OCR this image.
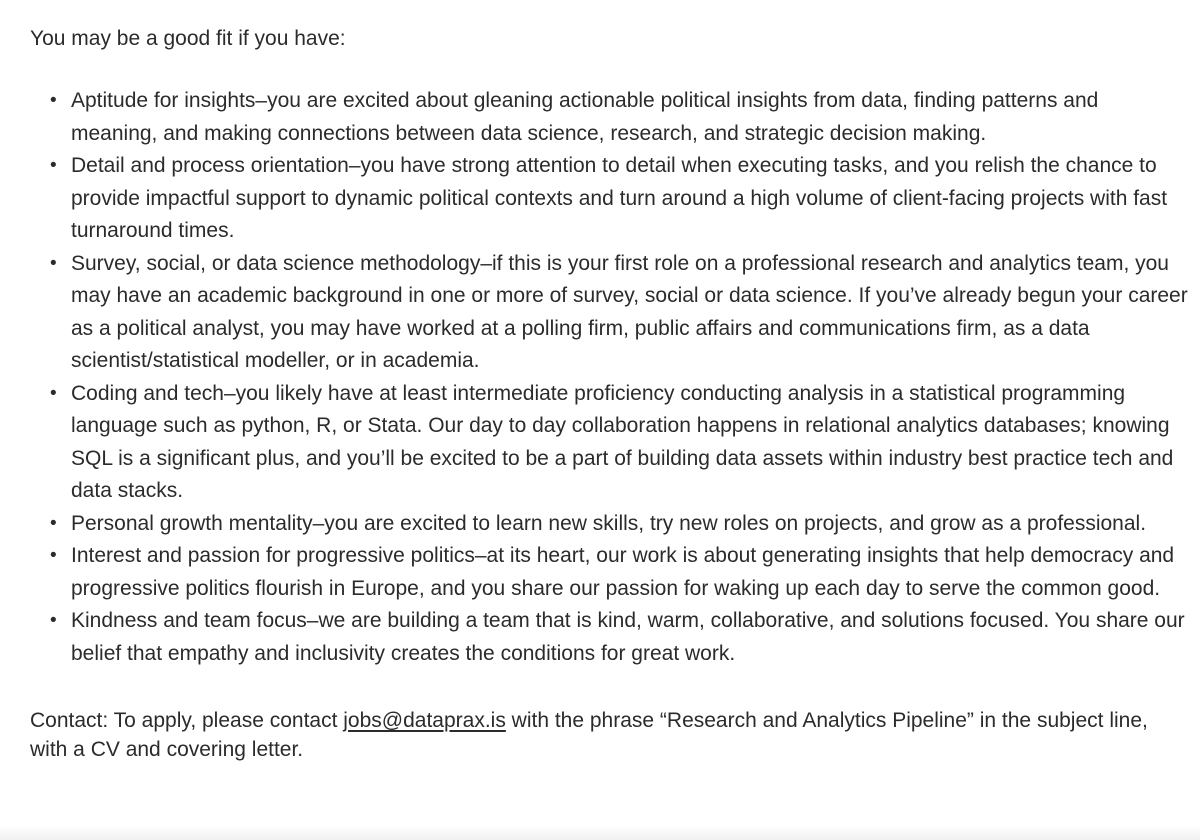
You may be a good fit if you have:

• Aptitude for insights–you are excited about gleaning actionable political insights from data, finding patterns and meaning, and making connections between data science, research, and strategic decision making.
• Detail and process orientation–you have strong attention to detail when executing tasks, and you relish the chance to provide impactful support to dynamic political contexts and turn around a high volume of client-facing projects with fast turnaround times.
• Survey, social, or data science methodology–if this is your first role on a professional research and analytics team, you may have an academic background in one or more of survey, social or data science. If you’ve already begun your career as a political analyst, you may have worked at a polling firm, public affairs and communications firm, as a data scientist/statistical modeller, or in academia.
• Coding and tech–you likely have at least intermediate proficiency conducting analysis in a statistical programming language such as python, R, or Stata. Our day to day collaboration happens in relational analytics databases; knowing SQL is a significant plus, and you’ll be excited to be a part of building data assets within industry best practice tech and data stacks.
• Personal growth mentality–you are excited to learn new skills, try new roles on projects, and grow as a professional.
• Interest and passion for progressive politics–at its heart, our work is about generating insights that help democracy and progressive politics flourish in Europe, and you share our passion for waking up each day to serve the common good.
• Kindness and team focus–we are building a team that is kind, warm, collaborative, and solutions focused. You share our belief that empathy and inclusivity creates the conditions for great work.

Contact: To apply, please contact jobs@dataprax.is with the phrase “Research and Analytics Pipeline” in the subject line, with a CV and covering letter.
